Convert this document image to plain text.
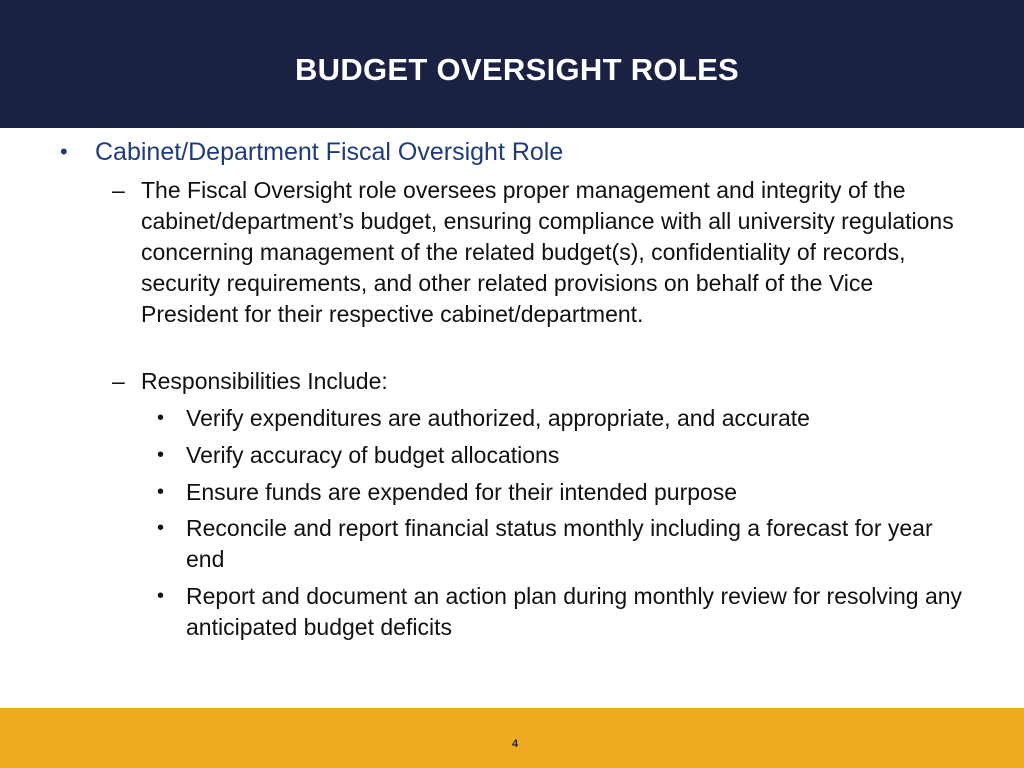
BUDGET OVERSIGHT ROLES
• Cabinet/Department Fiscal Oversight Role
– The Fiscal Oversight role oversees proper management and integrity of the cabinet/department’s budget, ensuring compliance with all university regulations concerning management of the related budget(s), confidentiality of records, security requirements, and other related provisions on behalf of the Vice President for their respective cabinet/department.
– Responsibilities Include:
• Verify expenditures are authorized, appropriate, and accurate
• Verify accuracy of budget allocations
• Ensure funds are expended for their intended purpose
• Reconcile and report financial status monthly including a forecast for year end
• Report and document an action plan during monthly review for resolving any anticipated budget deficits
4
